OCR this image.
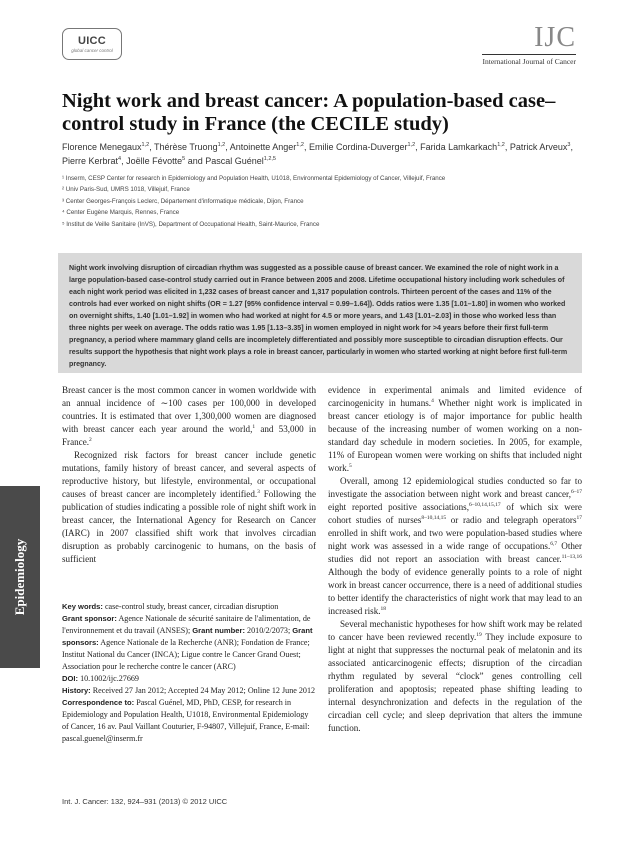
UICC
global cancer control	IJC
International Journal of Cancer
Night work and breast cancer: A population-based case–control study in France (the CECILE study)
Florence Menegaux$^{1,2}$, Thérèse Truong$^{1,2}$, Antoinette Anger$^{1,2}$, Emilie Cordina-Duverger$^{1,2}$, Farida Lamkarkach$^{1,2}$, Patrick Arveux$^3$, Pierre Kerbrat$^4$, Joëlle Févotte$^5$ and Pascal Guénel$^{1,2,5}$
¹ Inserm, CESP Center for research in Epidemiology and Population Health, U1018, Environmental Epidemiology of Cancer, Villejuif, France
² Univ Paris-Sud, UMRS 1018, Villejuif, France
³ Center Georges-François Leclerc, Département d'informatique médicale, Dijon, France
⁴ Center Eugène Marquis, Rennes, France
⁵ Institut de Veille Sanitaire (InVS), Department of Occupational Health, Saint-Maurice, France
Night work involving disruption of circadian rhythm was suggested as a possible cause of breast cancer. We examined the role of night work in a large population-based case-control study carried out in France between 2005 and 2008. Lifetime occupational history including work schedules of each night work period was elicited in 1,232 cases of breast cancer and 1,317 population controls. Thirteen percent of the cases and 11% of the controls had ever worked on night shifts (OR = 1.27 [95% confidence interval = 0.99–1.64]). Odds ratios were 1.35 [1.01–1.80] in women who worked on overnight shifts, 1.40 [1.01–1.92] in women who had worked at night for 4.5 or more years, and 1.43 [1.01–2.03] in those who worked less than three nights per week on average. The odds ratio was 1.95 [1.13–3.35] in women employed in night work for >4 years before their first full-term pregnancy, a period where mammary gland cells are incompletely differentiated and possibly more susceptible to circadian disruption effects. Our results support the hypothesis that night work plays a role in breast cancer, particularly in women who started working at night before first full-term pregnancy.

Breast cancer is the most common cancer in women worldwide with an annual incidence of ∼100 cases per 100,000 in developed countries. It is estimated that over 1,300,000 women are diagnosed with breast cancer each year around the world,$^1$ and 53,000 in France.$^2$

Recognized risk factors for breast cancer include genetic mutations, family history of breast cancer, and several aspects of reproductive history, but lifestyle, environmental, or occupational causes of breast cancer are incompletely identified.$^3$ Following the publication of studies indicating a possible role of night shift work in breast cancer, the International Agency for Research on Cancer (IARC) in 2007 classified shift work that involves circadian disruption as probably carcinogenic to humans, on the basis of sufficient

Key words: case-control study, breast cancer, circadian disruption

Grant sponsor: Agence Nationale de sécurité sanitaire de l'alimentation, de l'environnement et du travail (ANSES); Grant number: 2010/2/2073; Grant sponsors: Agence Nationale de la Recherche (ANR); Fondation de France; Institut National du Cancer (INCA); Ligue contre le Cancer Grand Ouest; Association pour le recherche contre le cancer (ARC)

DOI: 10.1002/ijc.27669

History: Received 27 Jan 2012; Accepted 24 May 2012; Online 12 June 2012

Correspondence to: Pascal Guénel, MD, PhD, CESP, for research in Epidemiology and Population Health, U1018, Environmental Epidemiology of Cancer, 16 av. Paul Vaillant Couturier, F-94807, Villejuif, France, E-mail: pascal.guenel@inserm.fr

evidence in experimental animals and limited evidence of carcinogenicity in humans.$^4$ Whether night work is implicated in breast cancer etiology is of major importance for public health because of the increasing number of women working on a non-standard day schedule in modern societies. In 2005, for example, 11% of European women were working on shifts that included night work.$^5$

Overall, among 12 epidemiological studies conducted so far to investigate the association between night work and breast cancer,$^{6-17}$ eight reported positive associations,$^{6-10,14,15,17}$ of which six were cohort studies of nurses$^{8-10,14,15}$ or radio and telegraph operators$^{17}$ enrolled in shift work, and two were population-based studies where night work was assessed in a wide range of occupations.$^{6,7}$ Other studies did not report an association with breast cancer.$^{11-13,16}$ Although the body of evidence generally points to a role of night work in breast cancer occurrence, there is a need of additional studies to better identify the characteristics of night work that may lead to an increased risk.$^{18}$

Several mechanistic hypotheses for how shift work may be related to cancer have been reviewed recently.$^{19}$ They include exposure to light at night that suppresses the nocturnal peak of melatonin and its associated anticarcinogenic effects; disruption of the circadian rhythm regulated by several “clock” genes controlling cell proliferation and apoptosis; repeated phase shifting leading to internal desynchronization and defects in the regulation of the circadian cell cycle; and sleep deprivation that alters the immune function.

Epidemiology
Int. J. Cancer: 132, 924–931 (2013) © 2012 UICC
